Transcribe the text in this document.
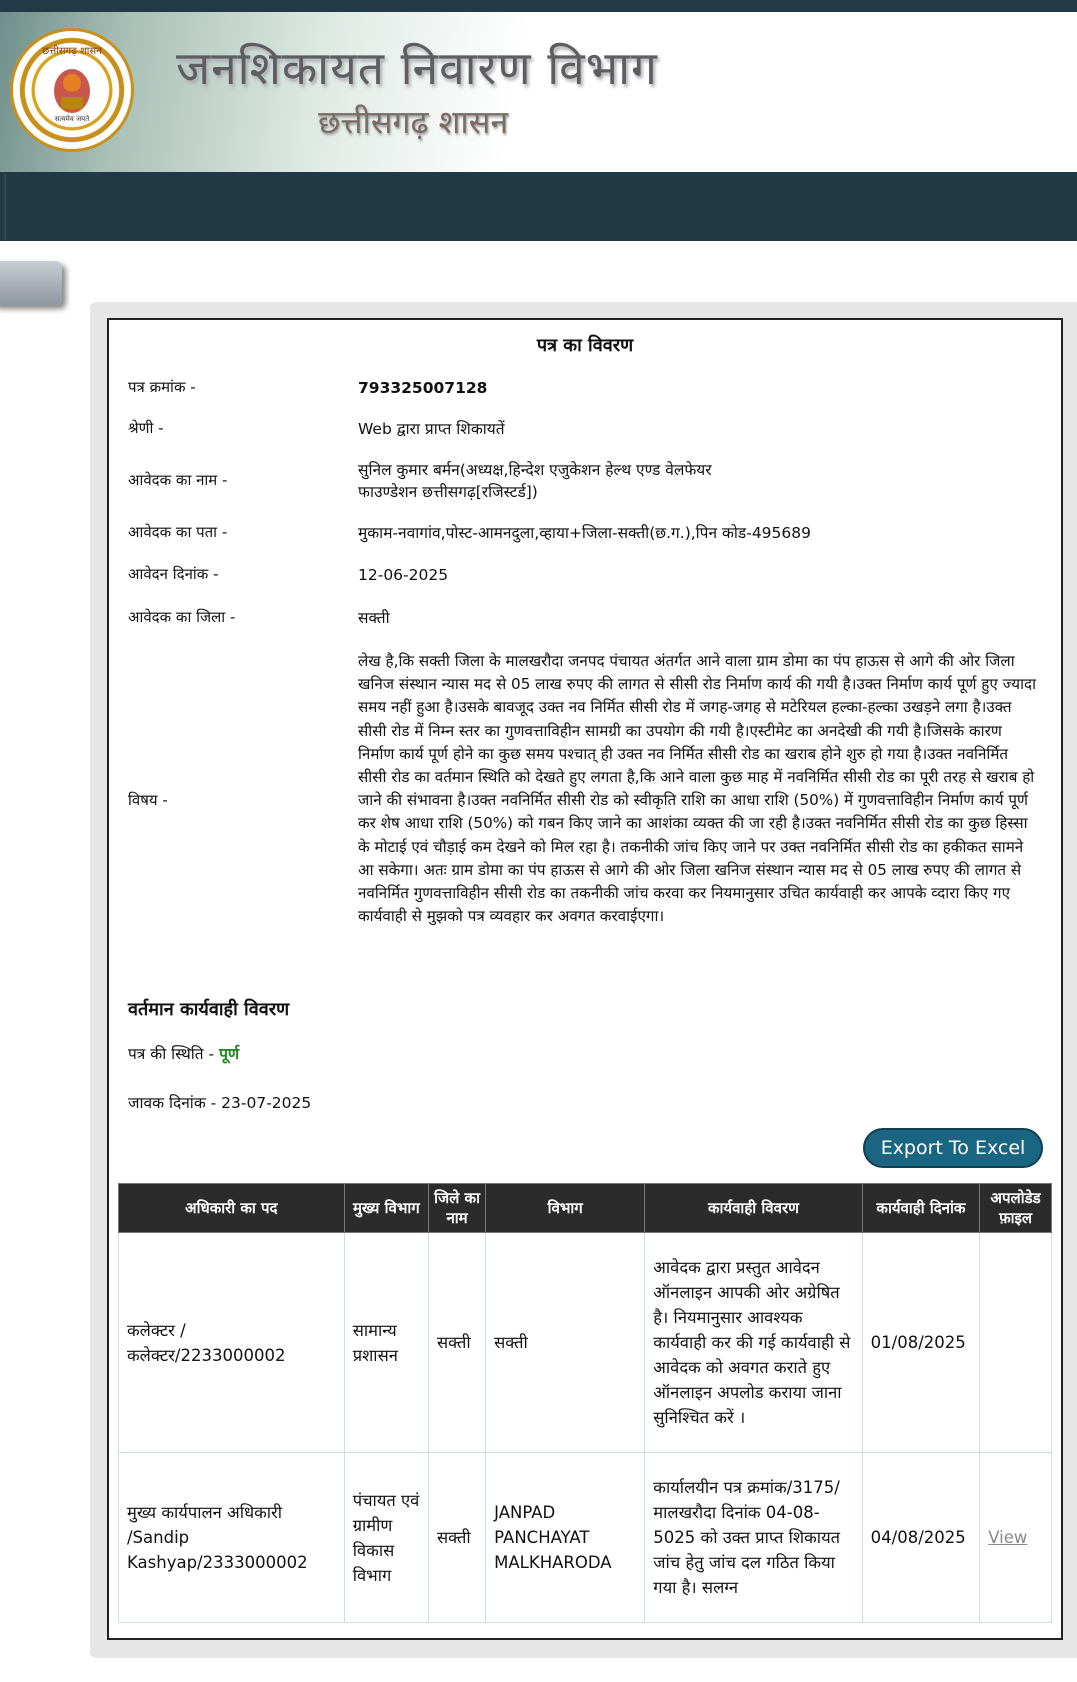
छत्तीसगढ़ शासन
सत्यमेव जयते
जनशिकायत निवारण विभाग
छत्तीसगढ़ शासन
पत्र का विवरण
पत्र क्रमांक -	793325007128
श्रेणी -	Web द्वारा प्राप्त शिकायतें
आवेदक का नाम -
सुनिल कुमार बर्मन(अध्यक्ष,हिन्देश एजुकेशन हेल्थ एण्ड वेलफेयर
फाउण्डेशन छत्तीसगढ़[रजिस्टर्ड])
आवेदक का पता -	मुकाम-नवागांव,पोस्ट-आमनदुला,व्हाया+जिला-सक्ती(छ.ग.),पिन कोड-495689
आवेदन दिनांक -	12-06-2025
आवेदक का जिला -	सक्ती
विषय -
लेख है,कि सक्ती जिला के मालखरौदा जनपद पंचायत अंतर्गत आने वाला ग्राम डोमा का पंप हाऊस से आगे की ओर जिला खनिज संस्थान न्यास मद से 05 लाख रुपए की लागत से सीसी रोड निर्माण कार्य की गयी है।उक्त निर्माण कार्य पूर्ण हुए ज्यादा समय नहीं हुआ है।उसके बावजूद उक्त नव निर्मित सीसी रोड में जगह-जगह से मटेरियल हल्का-हल्का उखड़ने लगा है।उक्त सीसी रोड में निम्न स्तर का गुणवत्ताविहीन सामग्री का उपयोग की गयी है।एस्टीमेट का अनदेखी की गयी है।जिसके कारण निर्माण कार्य पूर्ण होने का कुछ समय पश्चात् ही उक्त नव निर्मित सीसी रोड का खराब होने शुरु हो गया है।उक्त नवनिर्मित सीसी रोड का वर्तमान स्थिति को देखते हुए लगता है,कि आने वाला कुछ माह में नवनिर्मित सीसी रोड का पूरी तरह से खराब हो जाने की संभावना है।उक्त नवनिर्मित सीसी रोड को स्वीकृति राशि का आधा राशि (50%) में गुणवत्ताविहीन निर्माण कार्य पूर्ण कर शेष आधा राशि (50%) को गबन किए जाने का आशंका व्यक्त की जा रही है।उक्त नवनिर्मित सीसी रोड का कुछ हिस्सा के मोटाई एवं चौड़ाई कम देखने को मिल रहा है। तकनीकी जांच किए जाने पर उक्त नवनिर्मित सीसी रोड का हकीकत सामने आ सकेगा। अतः ग्राम डोमा का पंप हाऊस से आगे की ओर जिला खनिज संस्थान न्यास मद से 05 लाख रुपए की लागत से नवनिर्मित गुणवत्ताविहीन सीसी रोड का तकनीकी जांच करवा कर नियमानुसार उचित कार्यवाही कर आपके व्दारा किए गए कार्यवाही से मुझको पत्र व्यवहार कर अवगत करवाईएगा।
वर्तमान कार्यवाही विवरण
पत्र की स्थिति - पूर्ण
जावक दिनांक - 23-07-2025
Export To Excel
अधिकारी का पद	मुख्य विभाग	जिले का नाम	विभाग	कार्यवाही विवरण	कार्यवाही दिनांक	अपलोडेड फ़ाइल
कलेक्टर / कलेक्टर/2233000002	सामान्य प्रशासन	सक्ती	सक्ती	आवेदक द्वारा प्रस्तुत आवेदन ऑनलाइन आपकी ओर अग्रेषित है। नियमानुसार आवश्यक कार्यवाही कर की गई कार्यवाही से आवेदक को अवगत कराते हुए ऑनलाइन अपलोड कराया जाना सुनिश्चित करें ।	01/08/2025	
मुख्य कार्यपालन अधिकारी /Sandip Kashyap/2333000002	पंचायत एवं ग्रामीण विकास विभाग	सक्ती	JANPAD PANCHAYAT MALKHARODA	कार्यालयीन पत्र क्रमांक/3175/ मालखरौदा दिनांक 04-08-5025 को उक्त प्राप्त शिकायत जांच हेतु जांच दल गठित किया गया है। सलग्न	04/08/2025	View
